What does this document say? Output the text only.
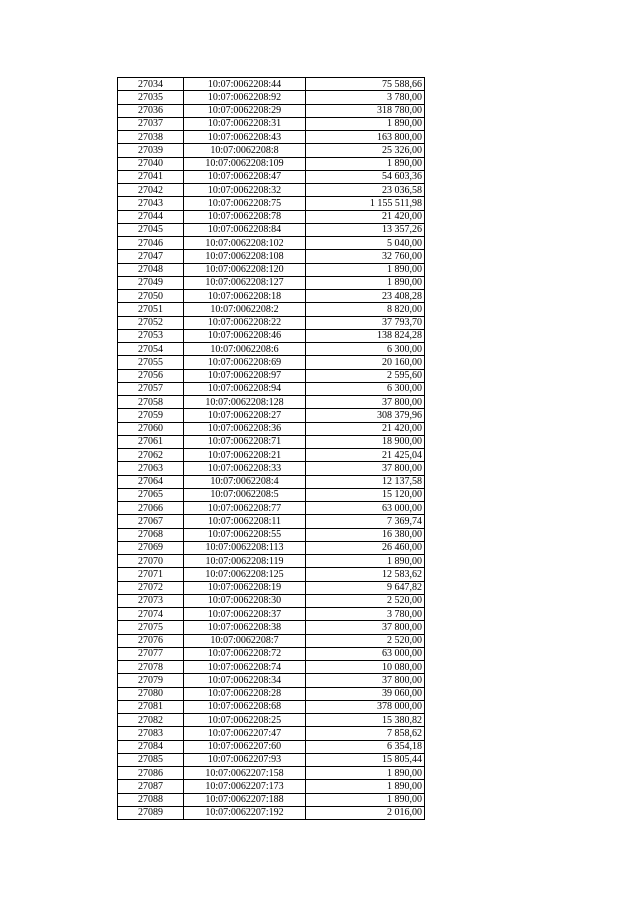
27034	10:07:0062208:44	75 588,66
27035	10:07:0062208:92	3 780,00
27036	10:07:0062208:29	318 780,00
27037	10:07:0062208:31	1 890,00
27038	10:07:0062208:43	163 800,00
27039	10:07:0062208:8	25 326,00
27040	10:07:0062208:109	1 890,00
27041	10:07:0062208:47	54 603,36
27042	10:07:0062208:32	23 036,58
27043	10:07:0062208:75	1 155 511,98
27044	10:07:0062208:78	21 420,00
27045	10:07:0062208:84	13 357,26
27046	10:07:0062208:102	5 040,00
27047	10:07:0062208:108	32 760,00
27048	10:07:0062208:120	1 890,00
27049	10:07:0062208:127	1 890,00
27050	10:07:0062208:18	23 408,28
27051	10:07:0062208:2	8 820,00
27052	10:07:0062208:22	37 793,70
27053	10:07:0062208:46	138 824,28
27054	10:07:0062208:6	6 300,00
27055	10:07:0062208:69	20 160,00
27056	10:07:0062208:97	2 595,60
27057	10:07:0062208:94	6 300,00
27058	10:07:0062208:128	37 800,00
27059	10:07:0062208:27	308 379,96
27060	10:07:0062208:36	21 420,00
27061	10:07:0062208:71	18 900,00
27062	10:07:0062208:21	21 425,04
27063	10:07:0062208:33	37 800,00
27064	10:07:0062208:4	12 137,58
27065	10:07:0062208:5	15 120,00
27066	10:07:0062208:77	63 000,00
27067	10:07:0062208:11	7 369,74
27068	10:07:0062208:55	16 380,00
27069	10:07:0062208:113	26 460,00
27070	10:07:0062208:119	1 890,00
27071	10:07:0062208:125	12 583,62
27072	10:07:0062208:19	9 647,82
27073	10:07:0062208:30	2 520,00
27074	10:07:0062208:37	3 780,00
27075	10:07:0062208:38	37 800,00
27076	10:07:0062208:7	2 520,00
27077	10:07:0062208:72	63 000,00
27078	10:07:0062208:74	10 080,00
27079	10:07:0062208:34	37 800,00
27080	10:07:0062208:28	39 060,00
27081	10:07:0062208:68	378 000,00
27082	10:07:0062208:25	15 380,82
27083	10:07:0062207:47	7 858,62
27084	10:07:0062207:60	6 354,18
27085	10:07:0062207:93	15 805,44
27086	10:07:0062207:158	1 890,00
27087	10:07:0062207:173	1 890,00
27088	10:07:0062207:188	1 890,00
27089	10:07:0062207:192	2 016,00
